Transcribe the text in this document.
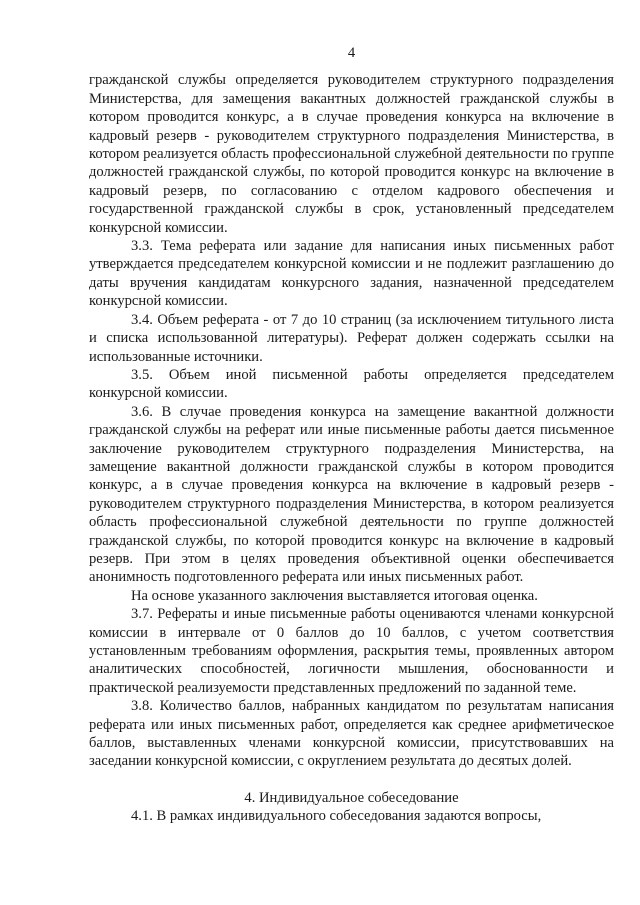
4

гражданской службы определяется руководителем структурного подразделения Министерства, для замещения вакантных должностей гражданской службы в котором проводится конкурс, а в случае проведения конкурса на включение в кадровый резерв - руководителем структурного подразделения Министерства, в котором реализуется область профессиональной служебной деятельности по группе должностей гражданской службы, по которой проводится конкурс на включение в кадровый резерв, по согласованию с отделом кадрового обеспечения и государственной гражданской службы в срок, установленный председателем конкурсной комиссии.

3.3. Тема реферата или задание для написания иных письменных работ утверждается председателем конкурсной комиссии и не подлежит разглашению до даты вручения кандидатам конкурсного задания, назначенной председателем конкурсной комиссии.

3.4. Объем реферата - от 7 до 10 страниц (за исключением титульного листа и списка использованной литературы). Реферат должен содержать ссылки на использованные источники.

3.5. Объем иной письменной работы определяется председателем конкурсной комиссии.

3.6. В случае проведения конкурса на замещение вакантной должности гражданской службы на реферат или иные письменные работы дается письменное заключение руководителем структурного подразделения Министерства, на замещение вакантной должности гражданской службы в котором проводится конкурс, а в случае проведения конкурса на включение в кадровый резерв - руководителем структурного подразделения Министерства, в котором реализуется область профессиональной служебной деятельности по группе должностей гражданской службы, по которой проводится конкурс на включение в кадровый резерв. При этом в целях проведения объективной оценки обеспечивается анонимность подготовленного реферата или иных письменных работ.

На основе указанного заключения выставляется итоговая оценка.

3.7. Рефераты и иные письменные работы оцениваются членами конкурсной комиссии в интервале от 0 баллов до 10 баллов, с учетом соответствия установленным требованиям оформления, раскрытия темы, проявленных автором аналитических способностей, логичности мышления, обоснованности и практической реализуемости представленных предложений по заданной теме.

3.8. Количество баллов, набранных кандидатом по результатам написания реферата или иных письменных работ, определяется как среднее арифметическое баллов, выставленных членами конкурсной комиссии, присутствовавших на заседании конкурсной комиссии, с округлением результата до десятых долей.

4. Индивидуальное собеседование

4.1. В рамках индивидуального собеседования задаются вопросы,
